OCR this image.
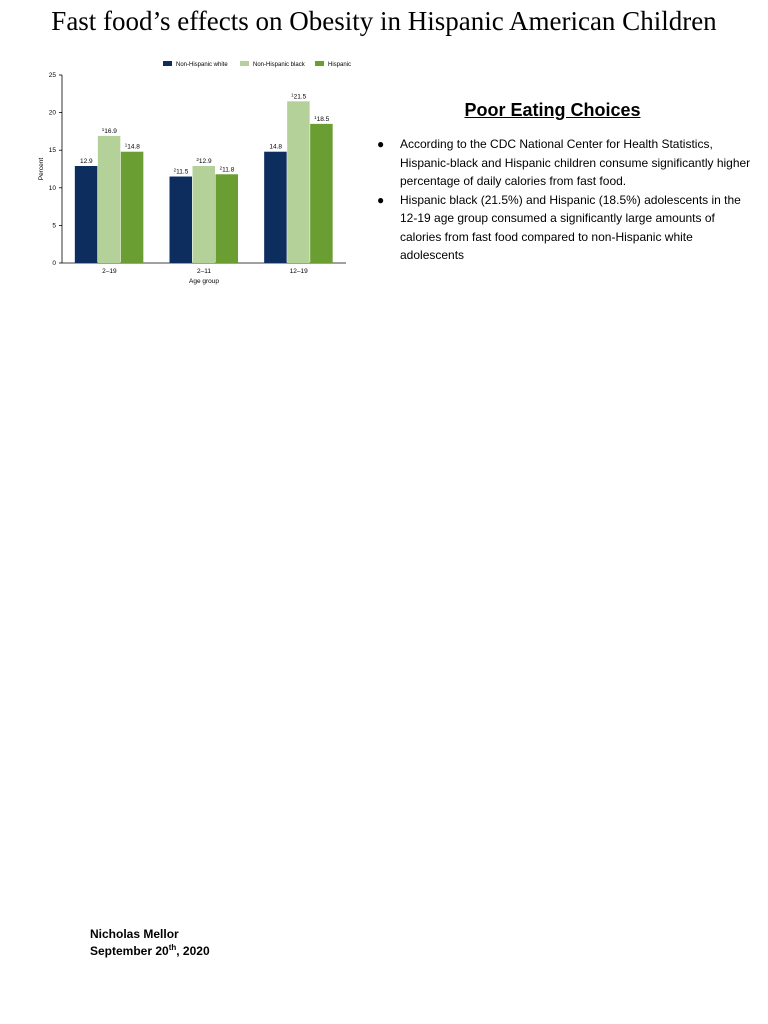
Fast food’s effects on Obesity in Hispanic American Children
Non-Hispanic white	Non-Hispanic black	Hispanic
0
5
10
15
20
25
Percent	12.9
$^1$16.9
$^1$14.8
2–19
$^2$11.5
$^2$12.9
$^2$11.8
2–11
14.8
$^1$21.5
$^1$18.5
12–19
Age group
Poor Eating Choices
● According to the CDC National Center for Health Statistics, Hispanic-black and Hispanic children consume significantly higher percentage of daily calories from fast food.
● Hispanic black (21.5%) and Hispanic (18.5%) adolescents in the 12-19 age group consumed a significantly large amounts of calories from fast food compared to non-Hispanic white adolescents
Nicholas Mellor
September 20th, 2020
